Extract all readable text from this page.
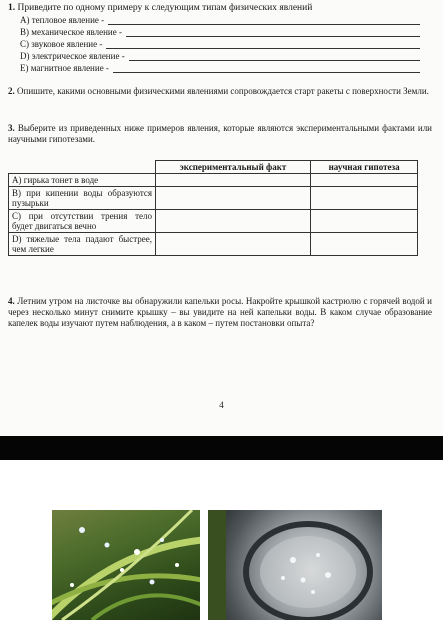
1. Приведите по одному примеру к следующим типам физических явлений
А) тепловое явление -
В) механическое явление -
С) звуковое явление -
D) электрическое явление -
E) магнитное явление -
2. Опишите, какими основными физическими явлениями сопровождается старт ракеты с поверхности Земли.
3. Выберите из приведенных ниже примеров явления, которые являются экспериментальными фактами или научными гипотезами.
	экспериментальный факт	научная гипотеза
А) гирька тонет в воде		
В) при кипении воды образуются пузырьки		
С) при отсутствии трения тело будет двигаться вечно		
D) тяжелые тела падают быстрее, чем легкие		
4. Летним утром на листочке вы обнаружили капельки росы. Накройте крышкой кастрюлю с горячей водой и через несколько минут снимите крышку – вы увидите на ней капельки воды. В каком случае образование капелек воды изучают путем наблюдения, а в каком – путем постановки опыта?
4
